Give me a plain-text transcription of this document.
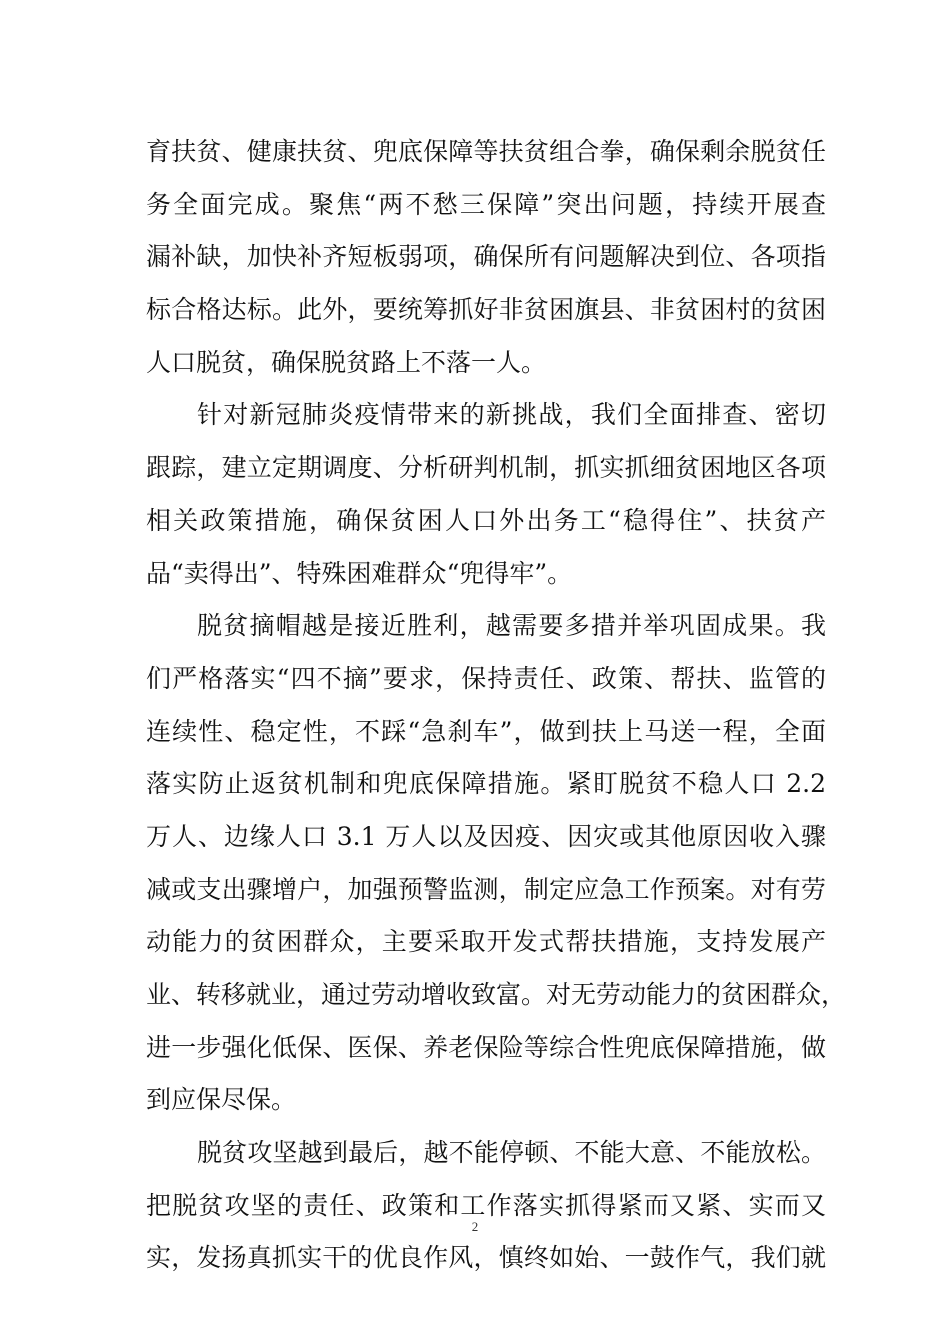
育扶贫、健康扶贫、兜底保障等扶贫组合拳，确保剩余脱贫任
务全面完成。聚焦“两不愁三保障”突出问题，持续开展查
漏补缺，加快补齐短板弱项，确保所有问题解决到位、各项指
标合格达标。此外，要统筹抓好非贫困旗县、非贫困村的贫困
人口脱贫，确保脱贫路上不落一人。
针对新冠肺炎疫情带来的新挑战，我们全面排查、密切
跟踪，建立定期调度、分析研判机制，抓实抓细贫困地区各项
相关政策措施，确保贫困人口外出务工“稳得住”、扶贫产
品“卖得出”、特殊困难群众“兜得牢”。
脱贫摘帽越是接近胜利，越需要多措并举巩固成果。我
们严格落实“四不摘”要求，保持责任、政策、帮扶、监管的
连续性、稳定性，不踩“急刹车”，做到扶上马送一程，全面
落实防止返贫机制和兜底保障措施。紧盯脱贫不稳人口 2.2
万人、边缘人口 3.1 万人以及因疫、因灾或其他原因收入骤
减或支出骤增户，加强预警监测，制定应急工作预案。对有劳
动能力的贫困群众，主要采取开发式帮扶措施，支持发展产
业、转移就业，通过劳动增收致富。对无劳动能力的贫困群众，
进一步强化低保、医保、养老保险等综合性兜底保障措施，做
到应保尽保。
脱贫攻坚越到最后，越不能停顿、不能大意、不能放松。
把脱贫攻坚的责任、政策和工作落实抓得紧而又紧、实而又
实，发扬真抓实干的优良作风，慎终如始、一鼓作气，我们就
2
